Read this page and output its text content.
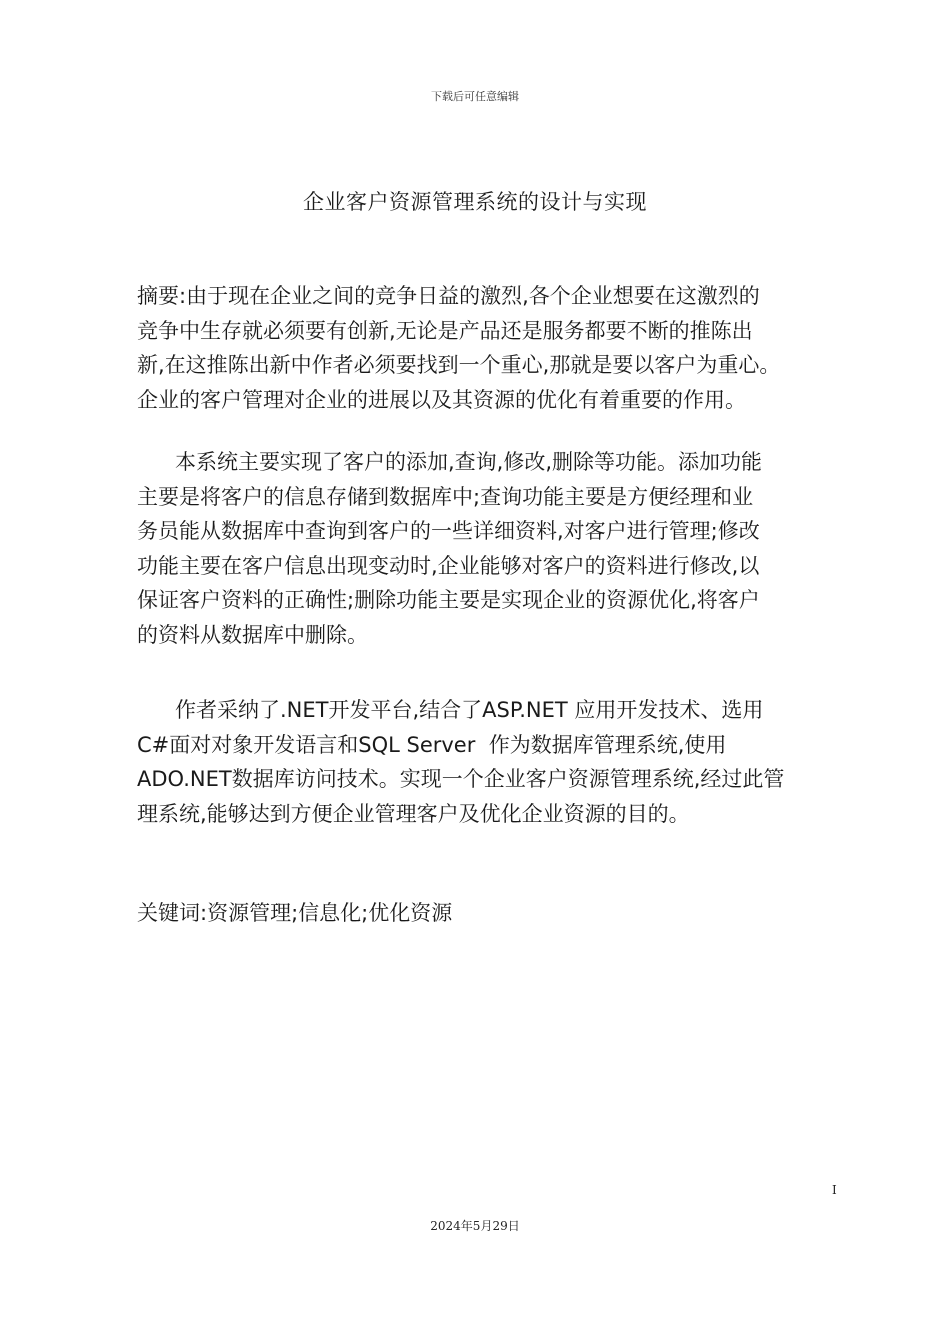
下载后可任意编辑
企业客户资源管理系统的设计与实现
摘要:由于现在企业之间的竞争日益的激烈,各个企业想要在这激烈的
竞争中生存就必须要有创新,无论是产品还是服务都要不断的推陈出
新,在这推陈出新中作者必须要找到一个重心,那就是要以客户为重心。
企业的客户管理对企业的进展以及其资源的优化有着重要的作用。
本系统主要实现了客户的添加,查询,修改,删除等功能。添加功能
主要是将客户的信息存储到数据库中;查询功能主要是方便经理和业
务员能从数据库中查询到客户的一些详细资料,对客户进行管理;修改
功能主要在客户信息出现变动时,企业能够对客户的资料进行修改,以
保证客户资料的正确性;删除功能主要是实现企业的资源优化,将客户
的资料从数据库中删除。
作者采纳了.NET开发平台,结合了ASP.NET 应用开发技术、选用
C#面对对象开发语言和SQL Server  作为数据库管理系统,使用
ADO.NET数据库访问技术。实现一个企业客户资源管理系统,经过此管
理系统,能够达到方便企业管理客户及优化企业资源的目的。
关键词:资源管理;信息化;优化资源
I
2024年5月29日
